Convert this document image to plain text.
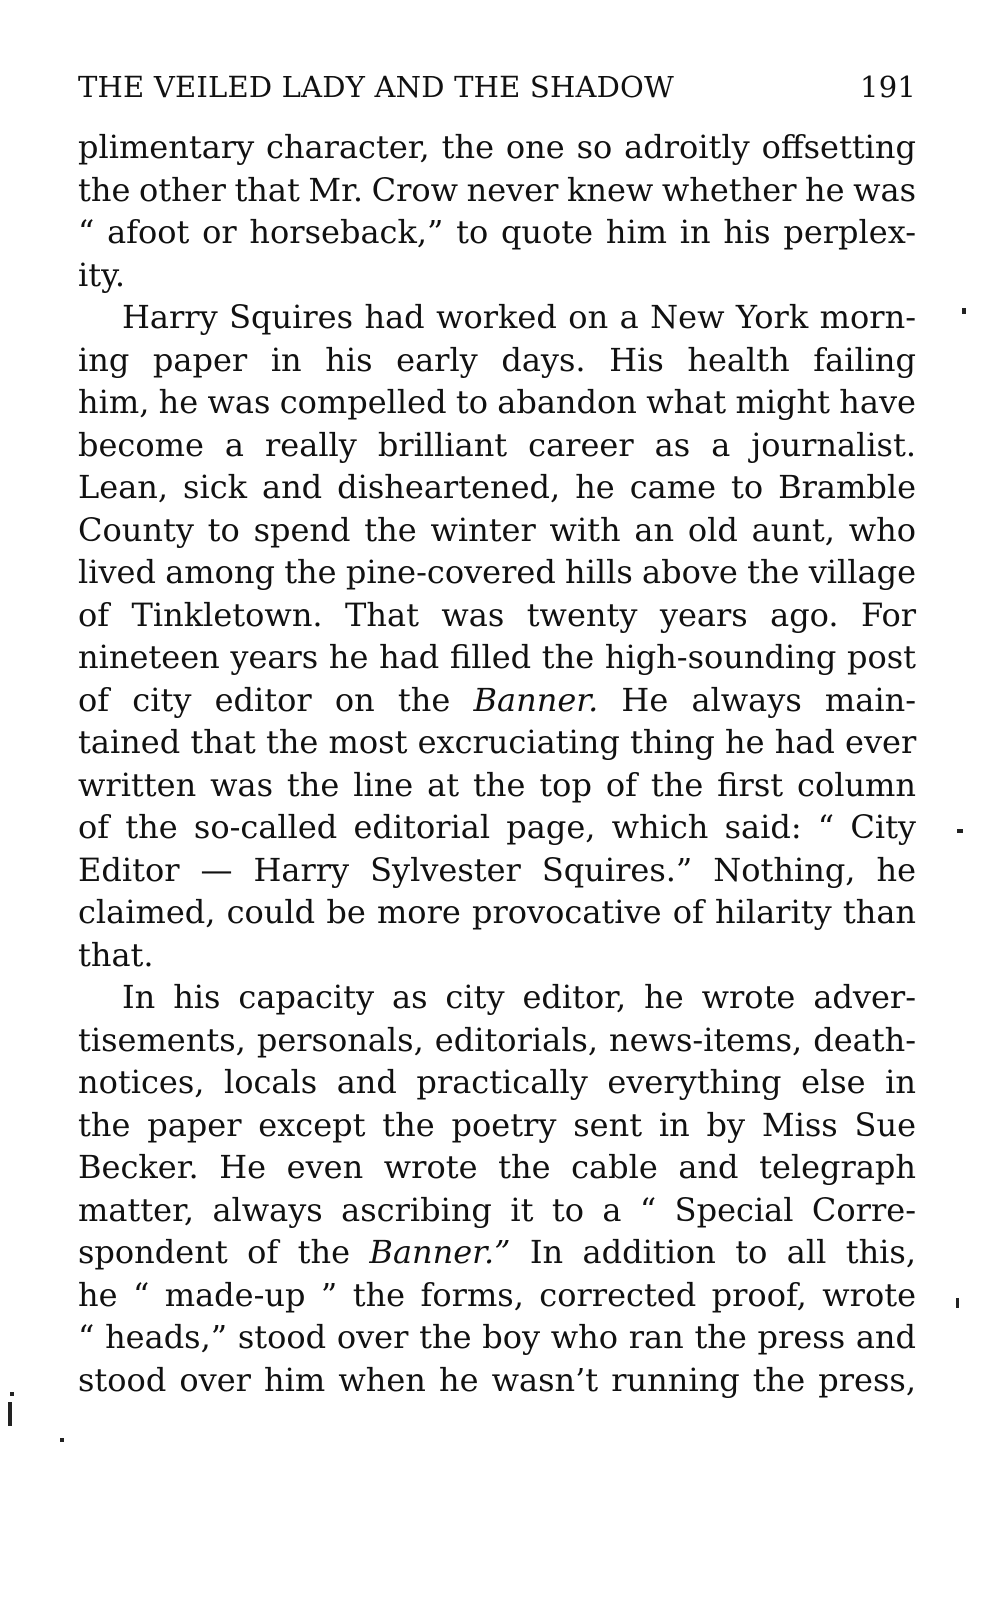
THE VEILED LADY AND THE SHADOW	191
plimentary character, the one so adroitly offsetting
the other that Mr. Crow never knew whether he was
“ afoot or horseback,” to quote him in his perplex-
ity.
Harry Squires had worked on a New York morn-
ing paper in his early days. His health failing
him, he was compelled to abandon what might have
become a really brilliant career as a journalist.
Lean, sick and disheartened, he came to Bramble
County to spend the winter with an old aunt, who
lived among the pine-covered hills above the village
of Tinkletown. That was twenty years ago. For
nineteen years he had filled the high-sounding post
of city editor on the Banner. He always main-
tained that the most excruciating thing he had ever
written was the line at the top of the first column
of the so-called editorial page, which said: “ City
Editor — Harry Sylvester Squires.” Nothing, he
claimed, could be more provocative of hilarity than
that.
In his capacity as city editor, he wrote adver-
tisements, personals, editorials, news-items, death-
notices, locals and practically everything else in
the paper except the poetry sent in by Miss Sue
Becker. He even wrote the cable and telegraph
matter, always ascribing it to a “ Special Corre-
spondent of the Banner.” In addition to all this,
he “ made-up ” the forms, corrected proof, wrote
“ heads,” stood over the boy who ran the press and
stood over him when he wasn’t running the press,
